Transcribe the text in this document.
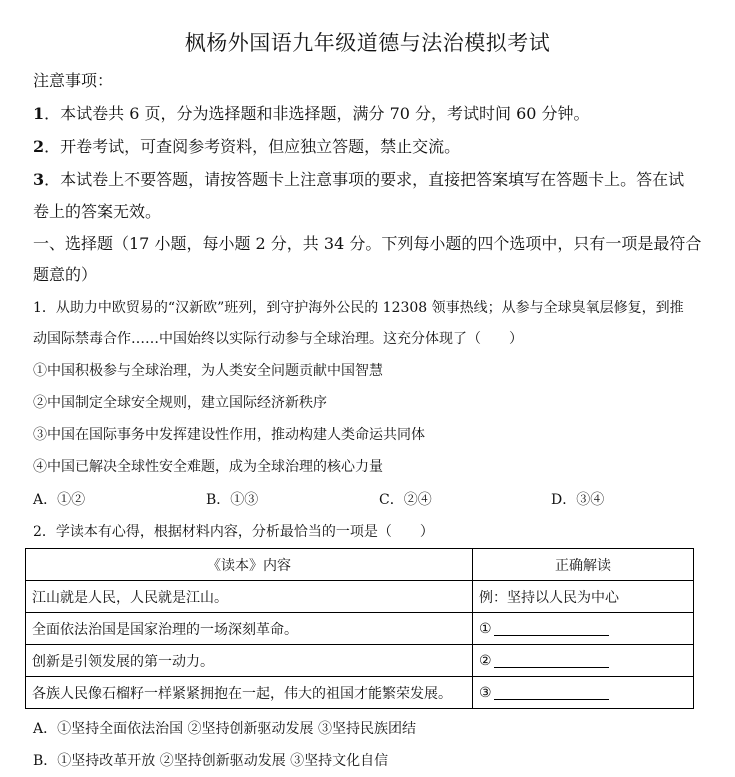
枫杨外国语九年级道德与法治模拟考试
注意事项：
1．本试卷共 6 页，分为选择题和非选择题，满分 70 分，考试时间 60 分钟。
2．开卷考试，可查阅参考资料，但应独立答题，禁止交流。
3．本试卷上不要答题，请按答题卡上注意事项的要求，直接把答案填写在答题卡上。答在试
卷上的答案无效。
一、选择题（17 小题，每小题 2 分，共 34 分。下列每小题的四个选项中，只有一项是最符合
题意的）
1．从助力中欧贸易的“汉新欧”班列，到守护海外公民的 12308 领事热线；从参与全球臭氧层修复，到推
动国际禁毒合作……中国始终以实际行动参与全球治理。这充分体现了（　　）
①中国积极参与全球治理，为人类安全问题贡献中国智慧
②中国制定全球安全规则，建立国际经济新秩序
③中国在国际事务中发挥建设性作用，推动构建人类命运共同体
④中国已解决全球性安全难题，成为全球治理的核心力量
A．①②	B．①③	C．②④	D．③④
2．学读本有心得，根据材料内容，分析最恰当的一项是（　　）
《读本》内容	正确解读
江山就是人民，人民就是江山。	例：坚持以人民为中心
全面依法治国是国家治理的一场深刻革命。	①
创新是引领发展的第一动力。	②
各族人民像石榴籽一样紧紧拥抱在一起，伟大的祖国才能繁荣发展。	③
A．①坚持全面依法治国 ②坚持创新驱动发展 ③坚持民族团结
B．①坚持改革开放 ②坚持创新驱动发展 ③坚持文化自信
